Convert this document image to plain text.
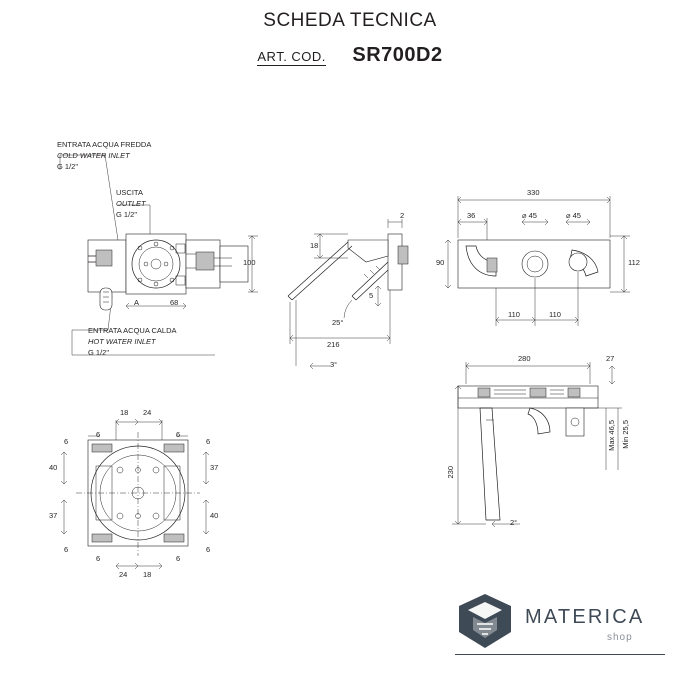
SCHEDA TECNICA
ART. COD. SR700D2
ENTRATA ACQUA FREDDA
COLD WATER INLET
G 1/2"
USCITA
OUTLET
G 1/2"
ENTRATA ACQUA CALDA
HOT WATER INLET
G 1/2"
A
100
68
18
2
5
25°
216
3°
330
36	⌀ 45	⌀ 45
90	112
110	110
280	27
230
Max 46,5 Min 25,5
2°
18 24
24 18
40
37
37
40
6
6	6
6
6
6	6
6
MATERICA
shop
